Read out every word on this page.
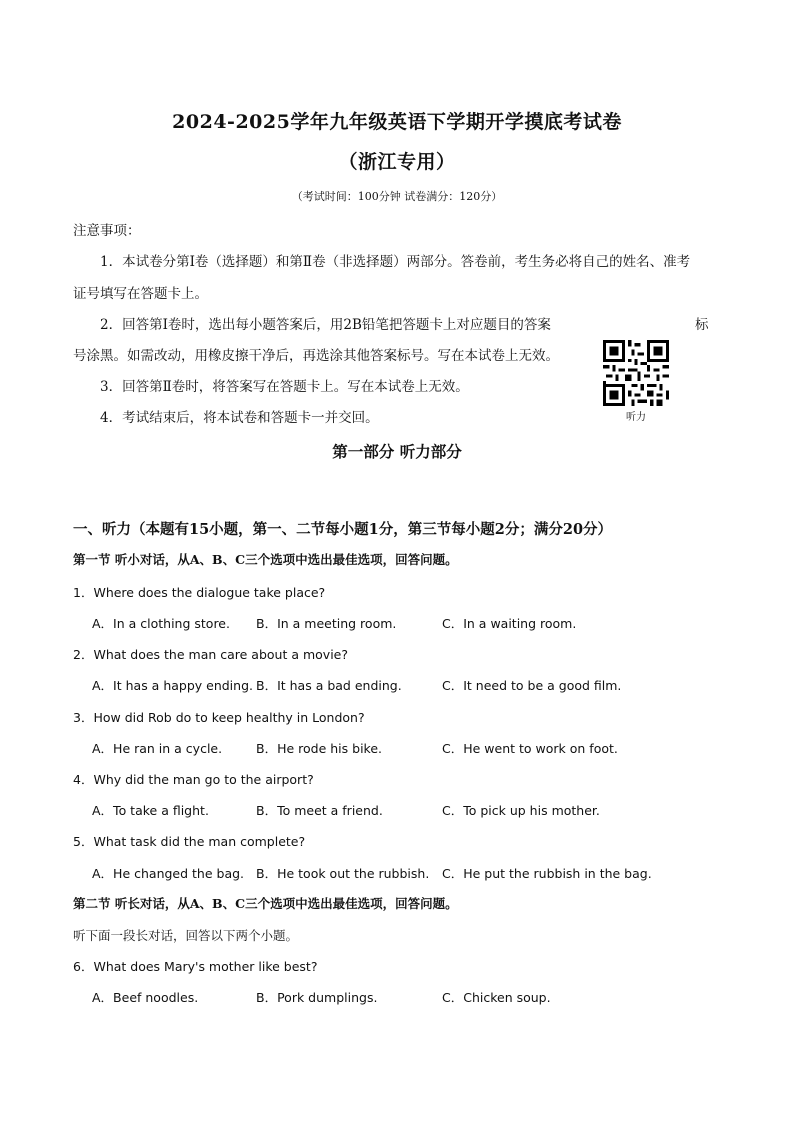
2024-2025学年九年级英语下学期开学摸底考试卷
（浙江专用）
（考试时间：100分钟 试卷满分：120分）
注意事项：
1．本试卷分第Ⅰ卷（选择题）和第Ⅱ卷（非选择题）两部分。答卷前，考生务必将自己的姓名、准考
证号填写在答题卡上。
2．回答第Ⅰ卷时，选出每小题答案后，用2B铅笔把答题卡上对应题目的答案	标
号涂黑。如需改动，用橡皮擦干净后，再选涂其他答案标号。写在本试卷上无效。
3．回答第Ⅱ卷时，将答案写在答题卡上。写在本试卷上无效。
4．考试结束后，将本试卷和答题卡一并交回。	听力
第一部分 听力部分
一、听力（本题有15小题，第一、二节每小题1分，第三节每小题2分；满分20分）
第一节 听小对话，从A、B、C三个选项中选出最佳选项，回答问题。
1．Where does the dialogue take place?
A．In a clothing store. B．In a meeting room.	C．In a waiting room.
2．What does the man care about a movie?
A．It has a happy ending. B．It has a bad ending.	C．It need to be a good film.
3．How did Rob do to keep healthy in London?
A．He ran in a cycle.	B．He rode his bike.	C．He went to work on foot.
4．Why did the man go to the airport?
A．To take a flight.	B．To meet a friend.	C．To pick up his mother.
5．What task did the man complete?
A．He changed the bag. B．He took out the rubbish. C．He put the rubbish in the bag.
第二节 听长对话，从A、B、C三个选项中选出最佳选项，回答问题。
听下面一段长对话，回答以下两个小题。
6．What does Mary's mother like best?
A．Beef noodles.	B．Pork dumplings.	C．Chicken soup.
